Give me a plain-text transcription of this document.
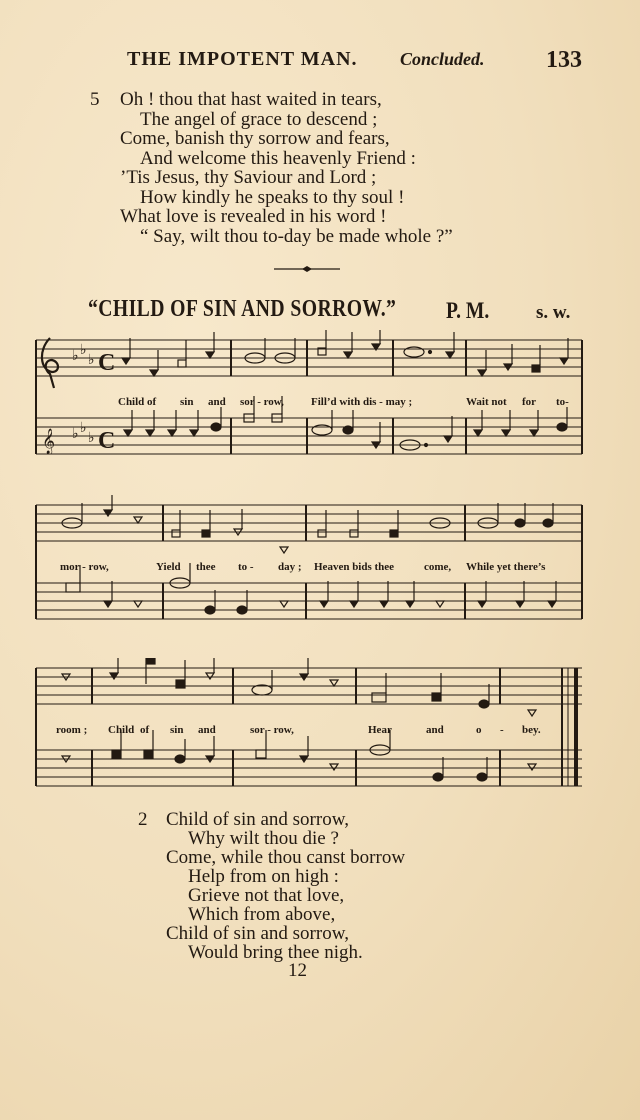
THE IMPOTENT MAN. Concluded.	133
5 Oh ! thou that hast waited in tears,
The angel of grace to descend ;
Come, banish thy sorrow and fears,
And welcome this heavenly Friend :
’Tis Jesus, thy Saviour and Lord ;
How kindly he speaks to thy soul !
What love is revealed in his word !
“ Say, wilt thou to-day be made whole ?”
“CHILD OF SIN AND SORROW.” P. M. s. w.
𝄞
♭ ♭
♭
♭ ♭
♭
C
C
Child of sin and sor - row, Fill’d with dis - may ;	Wait not for to-
mor - row,	Yield thee to - day ; Heaven bids thee	come, While yet there’s
room ; Child of sin and	sor - row,	Hear	and	o - bey.
2 Child of sin and sorrow,
Why wilt thou die ?
Come, while thou canst borrow
Help from on high :
Grieve not that love,
Which from above,
Child of sin and sorrow,
Would bring thee nigh.
12
